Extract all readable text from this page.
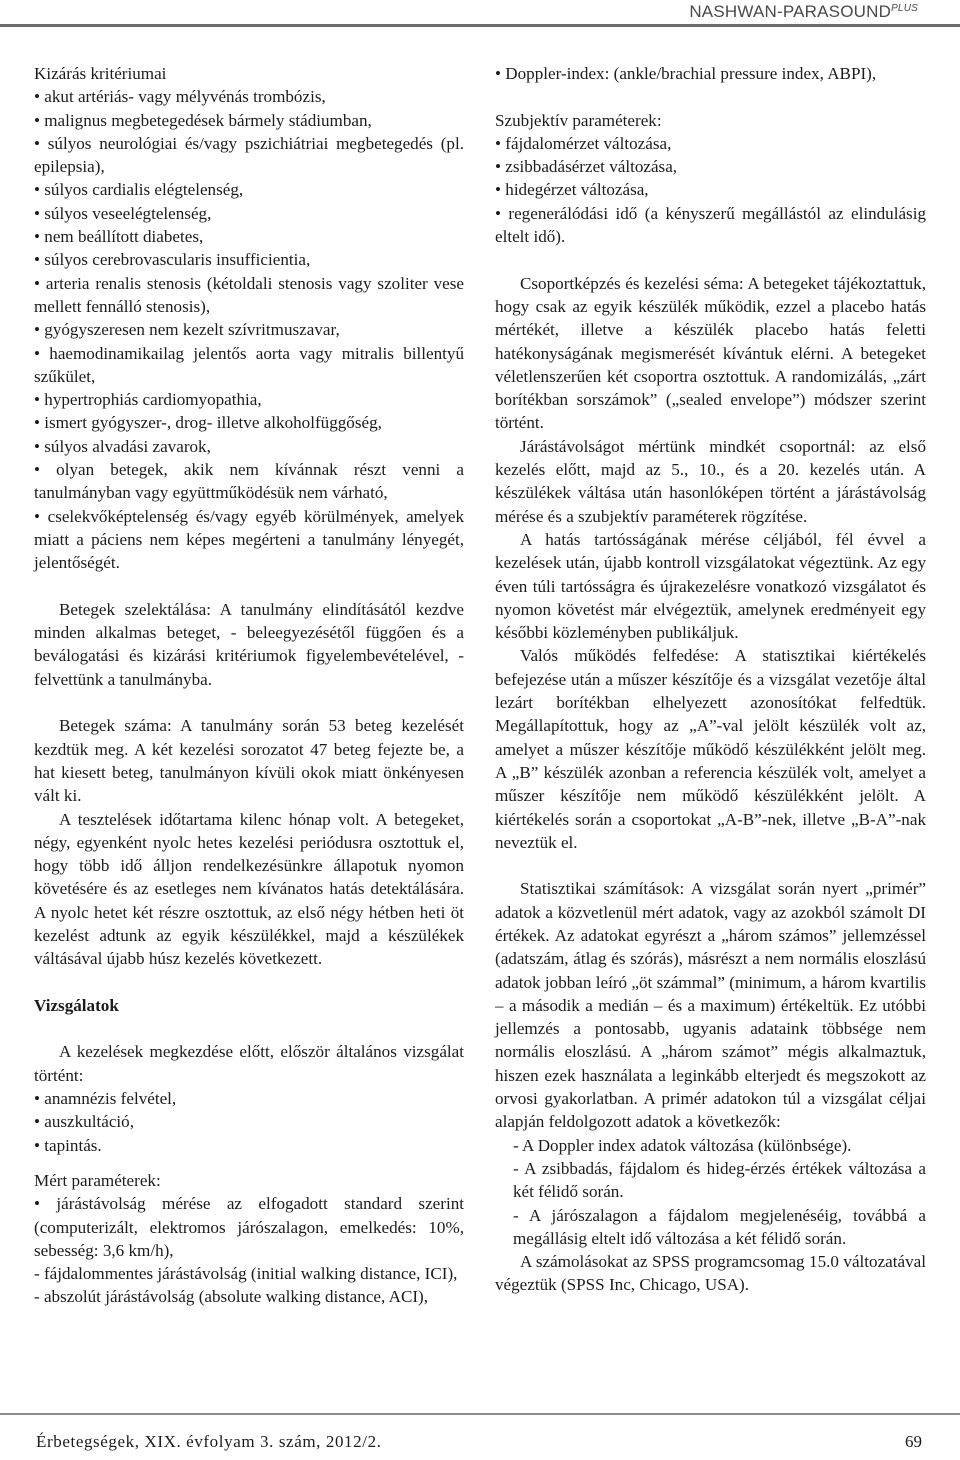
NASHWAN-$PARASOUND^{PLUS}$

Kizárás kritériumai

• akut artériás- vagy mélyvénás trombózis,
• malignus megbetegedések bármely stádiumban,
• súlyos neurológiai és/vagy pszichiátriai megbetegedés (pl. epilepsia),
• súlyos cardialis elégtelenség,
• súlyos veseelégtelenség,
• nem beállított diabetes,
• súlyos cerebrovascularis insufficientia,
• arteria renalis stenosis (kétoldali stenosis vagy szoliter vese mellett fennálló stenosis),
• gyógyszeresen nem kezelt szívritmuszavar,
• haemodinamikailag jelentős aorta vagy mitralis billentyű szűkület,
• hypertrophiás cardiomyopathia,
• ismert gyógyszer-, drog- illetve alkoholfüggőség,
• súlyos alvadási zavarok,
• olyan betegek, akik nem kívánnak részt venni a tanulmányban vagy együttműködésük nem várható,
• cselekvőképtelenség és/vagy egyéb körülmények, amelyek miatt a páciens nem képes megérteni a tanulmány lényegét, jelentőségét.

Betegek szelektálása: A tanulmány elindításától kezdve minden alkalmas beteget, - beleegyezésétől függően és a beválogatási és kizárási kritériumok figyelembevételével, - felvettünk a tanulmányba.

Betegek száma: A tanulmány során 53 beteg kezelését kezdtük meg. A két kezelési sorozatot 47 beteg fejezte be, a hat kiesett beteg, tanulmányon kívüli okok miatt önkényesen vált ki.

A tesztelések időtartama kilenc hónap volt. A betegeket, négy, egyenként nyolc hetes kezelési periódusra osztottuk el, hogy több idő álljon rendelkezésünkre állapotuk nyomon követésére és az esetleges nem kívánatos hatás detektálására. A nyolc hetet két részre osztottuk, az első négy hétben heti öt kezelést adtunk az egyik készülékkel, majd a készülékek váltásával újabb húsz kezelés következett.

Vizsgálatok

A kezelések megkezdése előtt, először általános vizsgálat történt:

• anamnézis felvétel,
• auszkultáció,
• tapintás.

Mért paraméterek:

• járástávolság mérése az elfogadott standard szerint (computerizált, elektromos járószalagon, emelkedés: 10%, sebesség: 3,6 km/h),

- fájdalommentes járástávolság (initial walking distance, ICI),

- abszolút járástávolság (absolute walking distance, ACI),

• Doppler-index: (ankle/brachial pressure index, ABPI),

Szubjektív paraméterek:

• fájdalomérzet változása,
• zsibbadásérzet változása,
• hidegérzet változása,
• regenerálódási idő (a kényszerű megállástól az elindulásig eltelt idő).

Csoportképzés és kezelési séma: A betegeket tájékoztattuk, hogy csak az egyik készülék működik, ezzel a placebo hatás mértékét, illetve a készülék placebo hatás feletti hatékonyságának megismerését kívántuk elérni. A betegeket véletlenszerűen két csoportra osztottuk. A randomizálás, „zárt borítékban sorszámok” („sealed envelope”) módszer szerint történt.

Járástávolságot mértünk mindkét csoportnál: az első kezelés előtt, majd az 5., 10., és a 20. kezelés után. A készülékek váltása után hasonlóképen történt a járástávolság mérése és a szubjektív paraméterek rögzítése.

A hatás tartósságának mérése céljából, fél évvel a kezelések után, újabb kontroll vizsgálatokat végeztünk. Az egy éven túli tartósságra és újrakezelésre vonatkozó vizsgálatot és nyomon követést már elvégeztük, amelynek eredményeit egy későbbi közleményben publikáljuk.

Valós működés felfedése: A statisztikai kiértékelés befejezése után a műszer készítője és a vizsgálat vezetője által lezárt borítékban elhelyezett azonosítókat felfedtük. Megállapítottuk, hogy az „A”-val jelölt készülék volt az, amelyet a műszer készítője működő készülékként jelölt meg. A „B” készülék azonban a referencia készülék volt, amelyet a műszer készítője nem működő készülékként jelölt. A kiértékelés során a csoportokat „A-B”-nek, illetve „B-A”-nak neveztük el.

Statisztikai számítások: A vizsgálat során nyert „primér” adatok a közvetlenül mért adatok, vagy az azokból számolt DI értékek. Az adatokat egyrészt a „három számos” jellemzéssel (adatszám, átlag és szórás), másrészt a nem normális eloszlású adatok jobban leíró „öt számmal” (minimum, a három kvartilis – a második a medián – és a maximum) értékeltük. Ez utóbbi jellemzés a pontosabb, ugyanis adataink többsége nem normális eloszlású. A „három számot” mégis alkalmaztuk, hiszen ezek használata a leginkább elterjedt és megszokott az orvosi gyakorlatban. A primér adatokon túl a vizsgálat céljai alapján feldolgozott adatok a következők:

- A Doppler index adatok változása (különbsége).

- A zsibbadás, fájdalom és hideg-érzés értékek változása a két félidő során.

- A járószalagon a fájdalom megjelenéséig, továbbá a megállásig eltelt idő változása a két félidő során.

A számolásokat az SPSS programcsomag 15.0 változatával végeztük (SPSS Inc, Chicago, USA).

Érbetegségek, XIX. évfolyam 3. szám, 2012/2.	69
